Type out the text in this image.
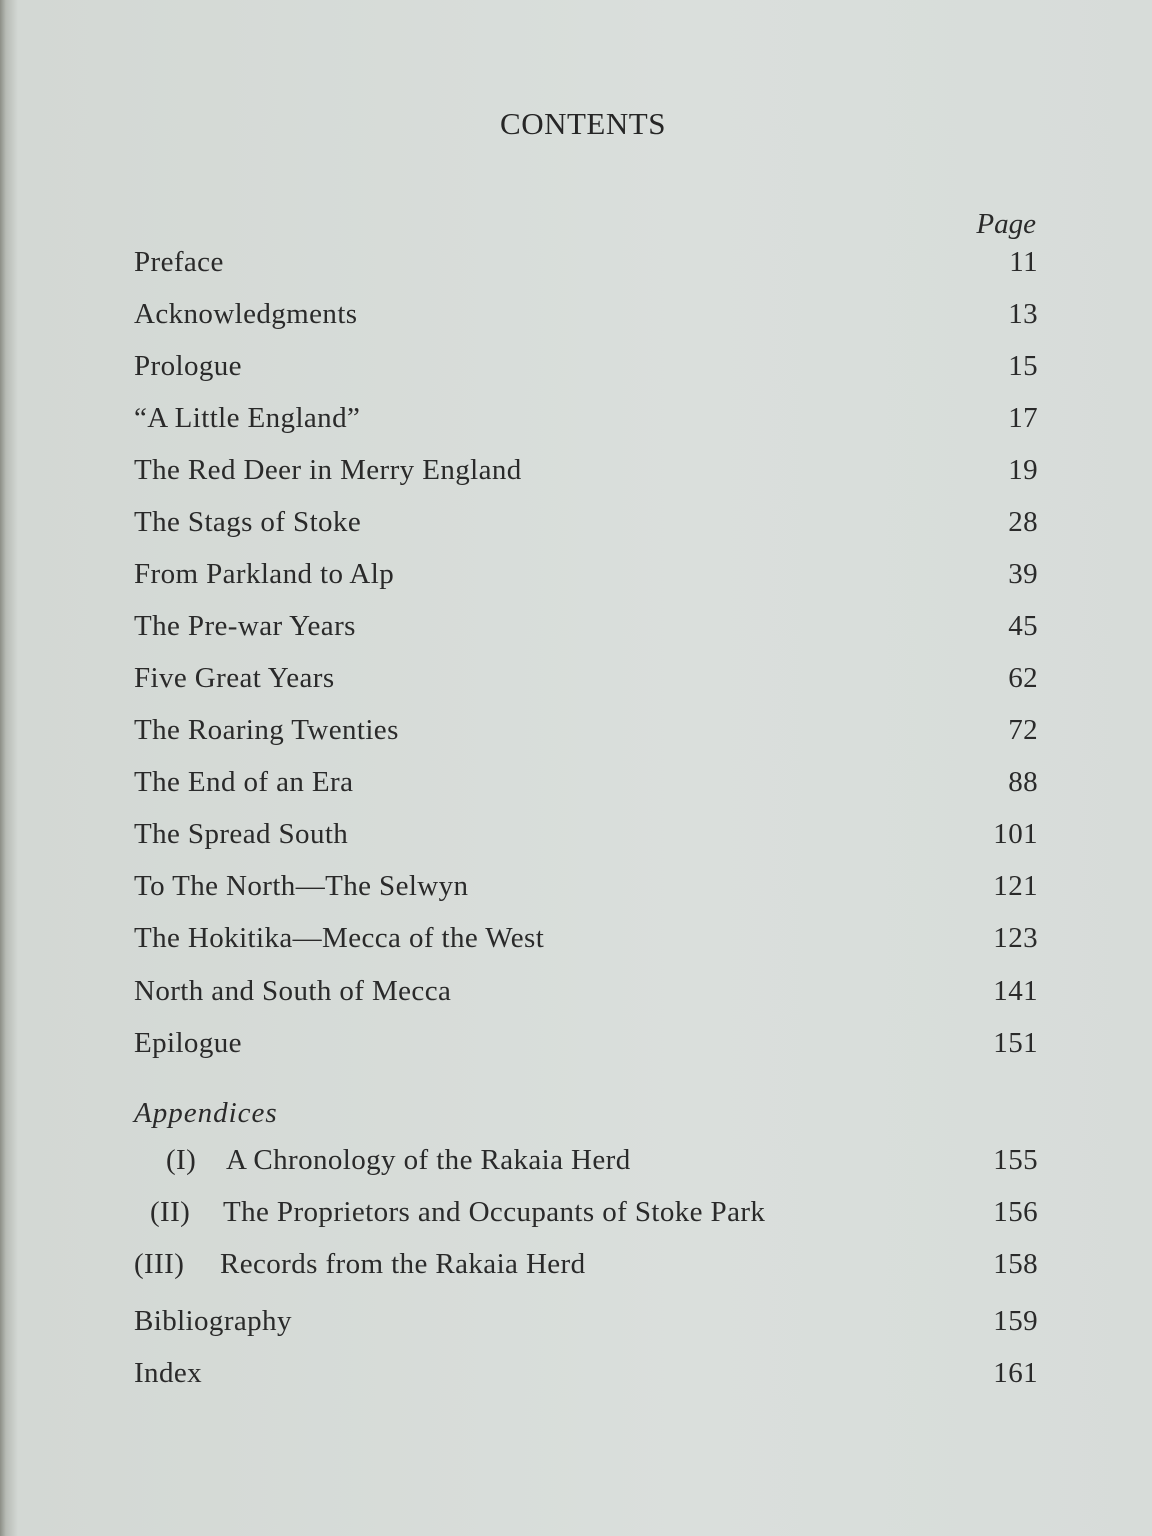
CONTENTS
Page
Preface	11
Acknowledgments	13
Prologue	15
“A Little England”	17
The Red Deer in Merry England	19
The Stags of Stoke	28
From Parkland to Alp	39
The Pre-war Years	45
Five Great Years	62
The Roaring Twenties	72
The End of an Era	88
The Spread South	101
To The North—The Selwyn	121
The Hokitika—Mecca of the West	123
North and South of Mecca	141
Epilogue	151
Appendices
(I) A Chronology of the Rakaia Herd	155
(II) The Proprietors and Occupants of Stoke Park	156
(III) Records from the Rakaia Herd	158
Bibliography	159
Index	161
